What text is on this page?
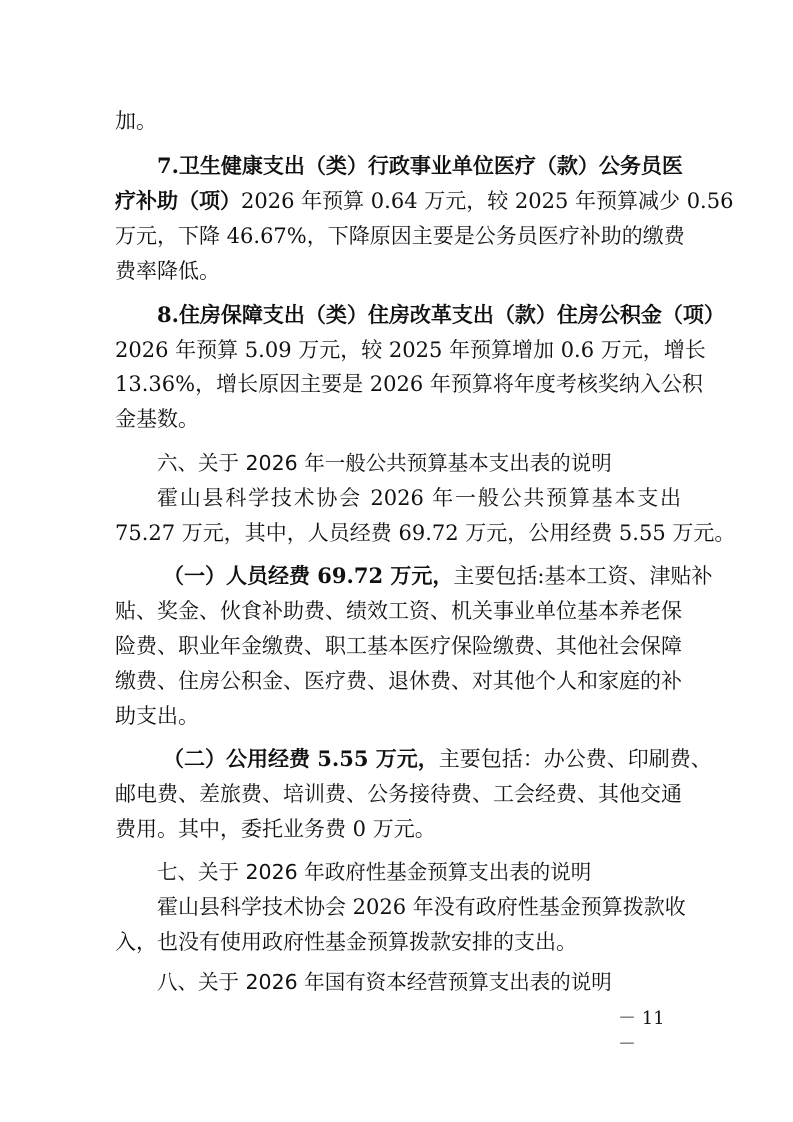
加。
7.卫生健康支出（类）行政事业单位医疗（款）公务员医
疗补助（项）2026 年预算 0.64 万元，较 2025 年预算减少 0.56
万元，下降 46.67%，下降原因主要是公务员医疗补助的缴费
费率降低。
8.住房保障支出（类）住房改革支出（款）住房公积金（项）
2026 年预算 5.09 万元，较 2025 年预算增加 0.6 万元，增长
13.36%，增长原因主要是 2026 年预算将年度考核奖纳入公积
金基数。
六、关于 2026 年一般公共预算基本支出表的说明
霍山县科学技术协会 2026 年一般公共预算基本支出
75.27 万元，其中，人员经费 69.72 万元，公用经费 5.55 万元。
（一）人员经费 69.72 万元，主要包括:基本工资、津贴补
贴、奖金、伙食补助费、绩效工资、机关事业单位基本养老保
险费、职业年金缴费、职工基本医疗保险缴费、其他社会保障
缴费、住房公积金、医疗费、退休费、对其他个人和家庭的补
助支出。
（二）公用经费 5.55 万元，主要包括：办公费、印刷费、
邮电费、差旅费、培训费、公务接待费、工会经费、其他交通
费用。其中，委托业务费 0 万元。
七、关于 2026 年政府性基金预算支出表的说明
霍山县科学技术协会 2026 年没有政府性基金预算拨款收
入，也没有使用政府性基金预算拨款安排的支出。
八、关于 2026 年国有资本经营预算支出表的说明
－ 11 －
